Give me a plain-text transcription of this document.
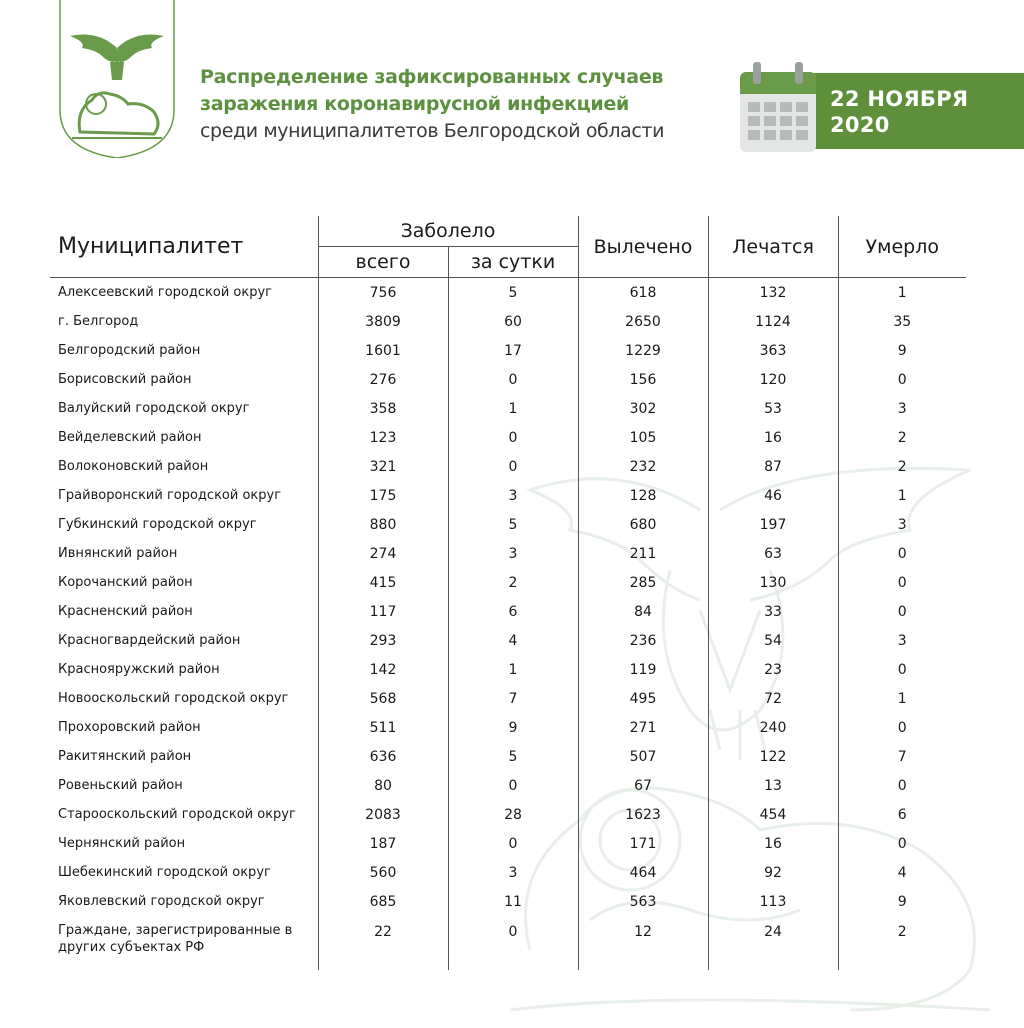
Распределение зафиксированных случаев
заражения коронавирусной инфекцией
среди муниципалитетов Белгородской области
22 НОЯБРЯ
2020
Муниципалитет	Заболело		Вылечено	Лечатся	Умерло
	всего	за сутки			
Алексеевский городской округ	756	5	618	132	1
г. Белгород	3809	60	2650	1124	35
Белгородский район	1601	17	1229	363	9
Борисовский район	276	0	156	120	0
Валуйский городской округ	358	1	302	53	3
Вейделевский район	123	0	105	16	2
Волоконовский район	321	0	232	87	2
Грайворонский городской округ	175	3	128	46	1
Губкинский городской округ	880	5	680	197	3
Ивнянский район	274	3	211	63	0
Корочанский район	415	2	285	130	0
Красненский район	117	6	84	33	0
Красногвардейский район	293	4	236	54	3
Краснояружский район	142	1	119	23	0
Новооскольский городской округ	568	7	495	72	1
Прохоровский район	511	9	271	240	0
Ракитянский район	636	5	507	122	7
Ровеньский район	80	0	67	13	0
Старооскольский городской округ	2083	28	1623	454	6
Чернянский район	187	0	171	16	0
Шебекинский городской округ	560	3	464	92	4
Яковлевский городской округ	685	11	563	113	9
Граждане, зарегистрированные в других субъектах РФ	22	0	12	24	2
